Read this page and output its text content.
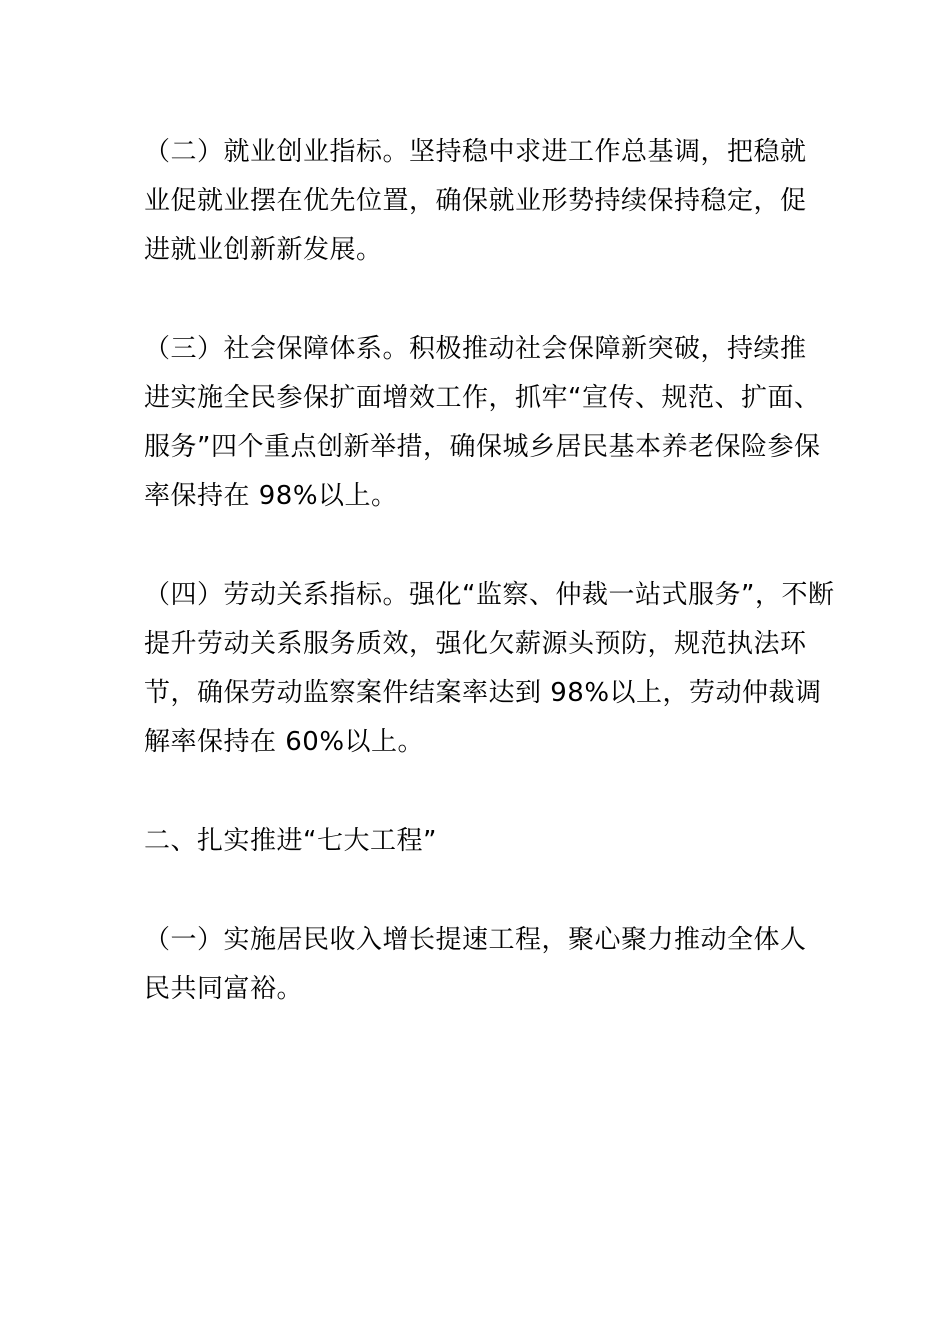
（二）就业创业指标。坚持稳中求进工作总基调，把稳就
业促就业摆在优先位置，确保就业形势持续保持稳定，促
进就业创新新发展。

（三）社会保障体系。积极推动社会保障新突破，持续推
进实施全民参保扩面增效工作，抓牢“宣传、规范、扩面、
服务”四个重点创新举措，确保城乡居民基本养老保险参保
率保持在 98%以上。

（四）劳动关系指标。强化“监察、仲裁一站式服务”，不断
提升劳动关系服务质效，强化欠薪源头预防，规范执法环
节，确保劳动监察案件结案率达到 98%以上，劳动仲裁调
解率保持在 60%以上。

二、扎实推进“七大工程”

（一）实施居民收入增长提速工程，聚心聚力推动全体人
民共同富裕。
